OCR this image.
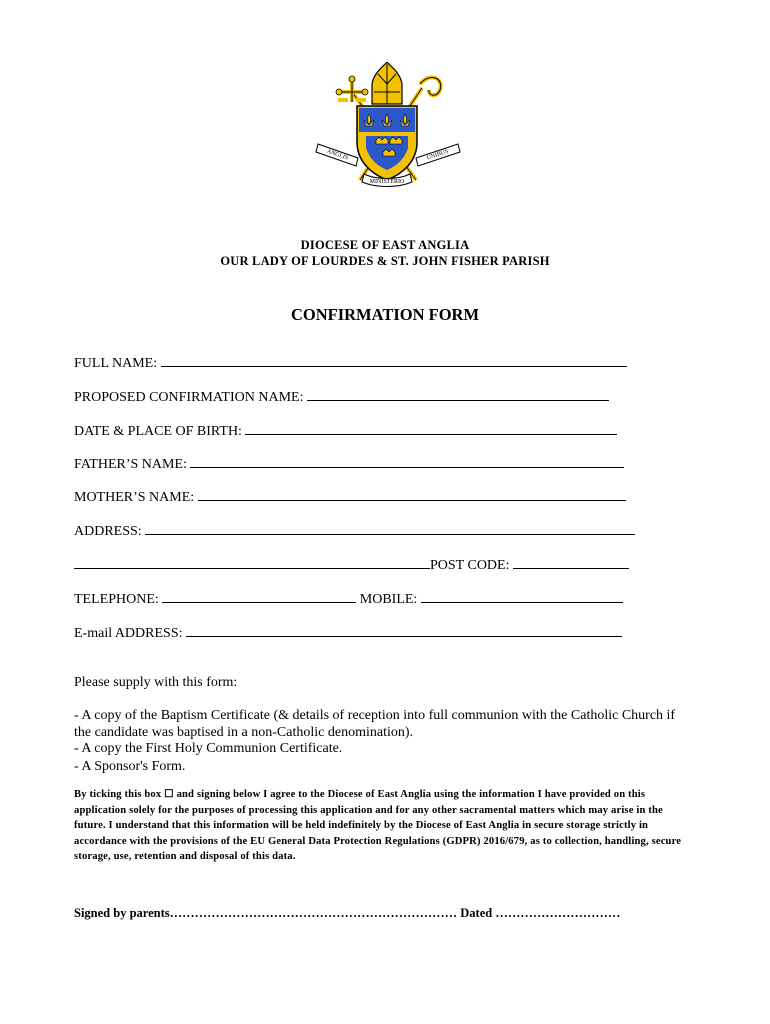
ANGLIS	UNIBUS
MINISTERIO
DIOCESE OF EAST ANGLIA
OUR LADY OF LOURDES & ST. JOHN FISHER PARISH
CONFIRMATION FORM
FULL NAME:
PROPOSED CONFIRMATION NAME:
DATE & PLACE OF BIRTH:
FATHER’S NAME:
MOTHER’S NAME:
ADDRESS:
POST CODE:
TELEPHONE:	MOBILE:
E-mail ADDRESS:
Please supply with this form:
- A copy of the Baptism Certificate (& details of reception into full communion with the Catholic Church if the candidate was baptised in a non-Catholic denomination).
- A copy the First Holy Communion Certificate.
- A Sponsor's Form.
By ticking this box ☐ and signing below I agree to the Diocese of East Anglia using the information I have provided on this application solely for the purposes of processing this application and for any other sacramental matters which may arise in the future. I understand that this information will be held indefinitely by the Diocese of East Anglia in secure storage strictly in accordance with the provisions of the EU General Data Protection Regulations (GDPR) 2016/679, as to collection, handling, secure storage, use, retention and disposal of this data.
Signed by parents…………………………………………………………… Dated …………………………
